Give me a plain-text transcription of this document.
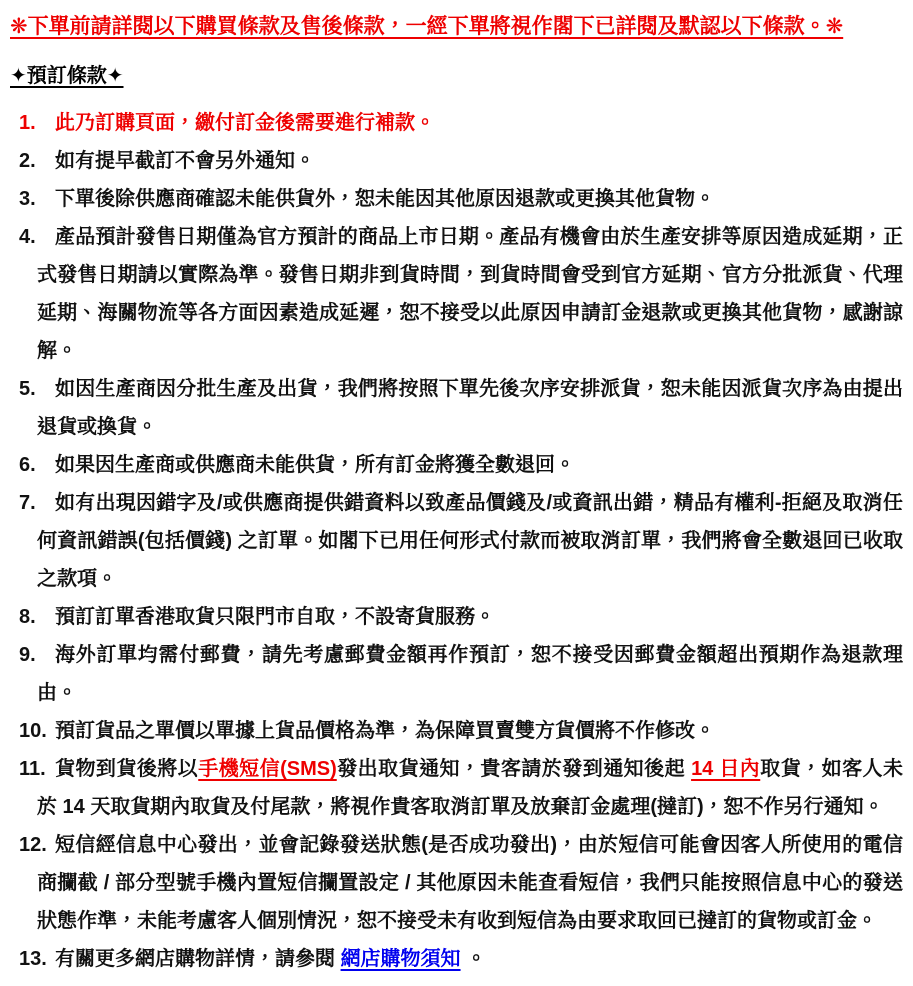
❋下單前請詳閱以下購買條款及售後條款，一經下單將視作閣下已詳閱及默認以下條款。❋
✦預訂條款✦
1. 此乃訂購頁面，繳付訂金後需要進行補款。
2. 如有提早截訂不會另外通知。
3. 下單後除供應商確認未能供貨外，恕未能因其他原因退款或更換其他貨物。
4. 產品預計發售日期僅為官方預計的商品上市日期。產品有機會由於生產安排等原因造成延期，正式發售日期請以實際為準。發售日期非到貨時間，到貨時間會受到官方延期、官方分批派貨、代理延期、海關物流等各方面因素造成延遲，恕不接受以此原因申請訂金退款或更換其他貨物，感謝諒解。
5. 如因生產商因分批生產及出貨，我們將按照下單先後次序安排派貨，恕未能因派貨次序為由提出退貨或換貨。
6. 如果因生產商或供應商未能供貨，所有訂金將獲全數退回。
7. 如有出現因錯字及/或供應商提供錯資料以致產品價錢及/或資訊出錯，精品有權利-拒絕及取消任何資訊錯誤(包括價錢) 之訂單。如閣下已用任何形式付款而被取消訂單，我們將會全數退回已收取之款項。
8. 預訂訂單香港取貨只限門市自取，不設寄貨服務。
9. 海外訂單均需付郵費，請先考慮郵費金額再作預訂，恕不接受因郵費金額超出預期作為退款理由。
10. 預訂貨品之單價以單據上貨品價格為準，為保障買賣雙方貨價將不作修改。
11. 貨物到貨後將以手機短信(SMS)發出取貨通知，貴客請於發到通知後起 14 日內取貨，如客人未於 14 天取貨期內取貨及付尾款，將視作貴客取消訂單及放棄訂金處理(撻訂)，恕不作另行通知。
12. 短信經信息中心發出，並會記錄發送狀態(是否成功發出)，由於短信可能會因客人所使用的電信商攔截 / 部分型號手機內置短信攔置設定 / 其他原因未能查看短信，我們只能按照信息中心的發送狀態作準，未能考慮客人個別情況，恕不接受未有收到短信為由要求取回已撻訂的貨物或訂金。
13. 有關更多網店購物詳情，請參閱 網店購物須知 。
